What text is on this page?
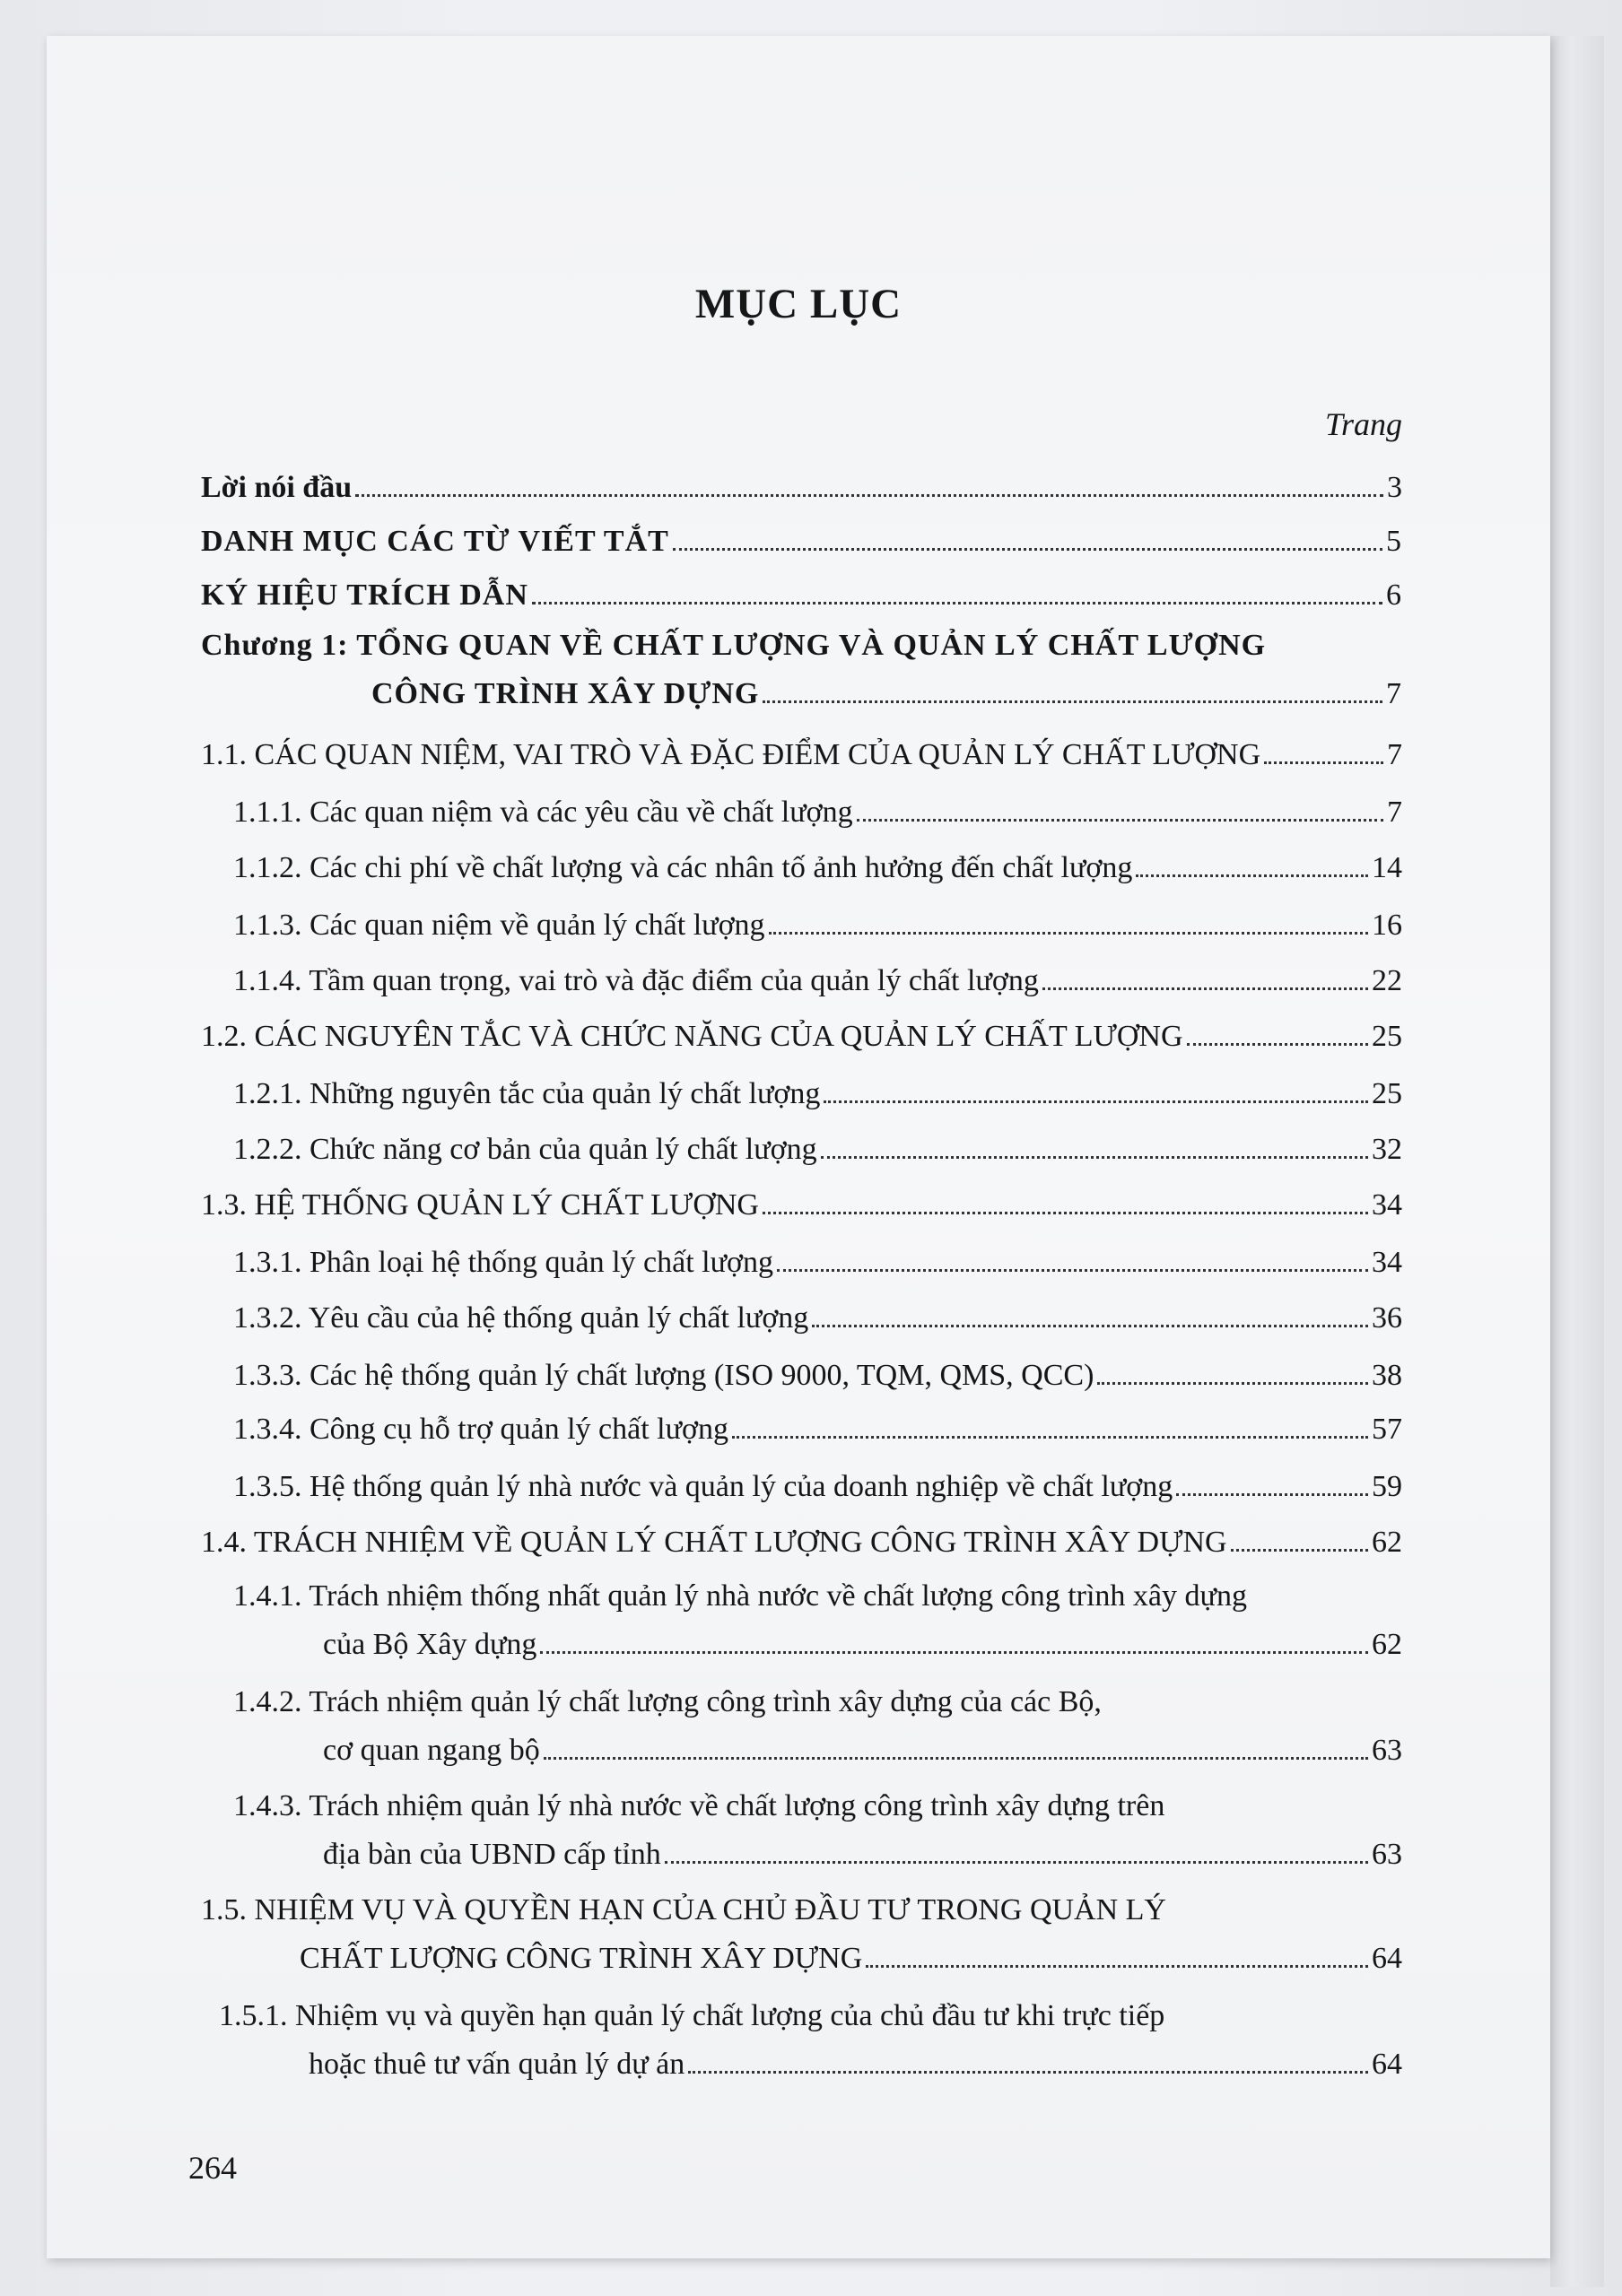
MỤC LỤC
Trang
Lời nói đầu	3
DANH MỤC CÁC TỪ VIẾT TẮT	5
KÝ HIỆU TRÍCH DẪN	6
Chương 1: TỔNG QUAN VỀ CHẤT LƯỢNG VÀ QUẢN LÝ CHẤT LƯỢNG
CÔNG TRÌNH XÂY DỰNG	7
1.1. CÁC QUAN NIỆM, VAI TRÒ VÀ ĐẶC ĐIỂM CỦA QUẢN LÝ CHẤT LƯỢNG	7
1.1.1. Các quan niệm và các yêu cầu về chất lượng	7
1.1.2. Các chi phí về chất lượng và các nhân tố ảnh hưởng đến chất lượng	14
1.1.3. Các quan niệm về quản lý chất lượng	16
1.1.4. Tầm quan trọng, vai trò và đặc điểm của quản lý chất lượng	22
1.2. CÁC NGUYÊN TẮC VÀ CHỨC NĂNG CỦA QUẢN LÝ CHẤT LƯỢNG	25
1.2.1. Những nguyên tắc của quản lý chất lượng	25
1.2.2. Chức năng cơ bản của quản lý chất lượng	32
1.3. HỆ THỐNG QUẢN LÝ CHẤT LƯỢNG	34
1.3.1. Phân loại hệ thống quản lý chất lượng	34
1.3.2. Yêu cầu của hệ thống quản lý chất lượng	36
1.3.3. Các hệ thống quản lý chất lượng (ISO 9000, TQM, QMS, QCC)	38
1.3.4. Công cụ hỗ trợ quản lý chất lượng	57
1.3.5. Hệ thống quản lý nhà nước và quản lý của doanh nghiệp về chất lượng	59
1.4. TRÁCH NHIỆM VỀ QUẢN LÝ CHẤT LƯỢNG CÔNG TRÌNH XÂY DỰNG	62
1.4.1. Trách nhiệm thống nhất quản lý nhà nước về chất lượng công trình xây dựng
của Bộ Xây dựng	62
1.4.2. Trách nhiệm quản lý chất lượng công trình xây dựng của các Bộ,
cơ quan ngang bộ	63
1.4.3. Trách nhiệm quản lý nhà nước về chất lượng công trình xây dựng trên
địa bàn của UBND cấp tỉnh	63
1.5. NHIỆM VỤ VÀ QUYỀN HẠN CỦA CHỦ ĐẦU TƯ TRONG QUẢN LÝ
CHẤT LƯỢNG CÔNG TRÌNH XÂY DỰNG	64
1.5.1. Nhiệm vụ và quyền hạn quản lý chất lượng của chủ đầu tư khi trực tiếp
hoặc thuê tư vấn quản lý dự án	64
264
